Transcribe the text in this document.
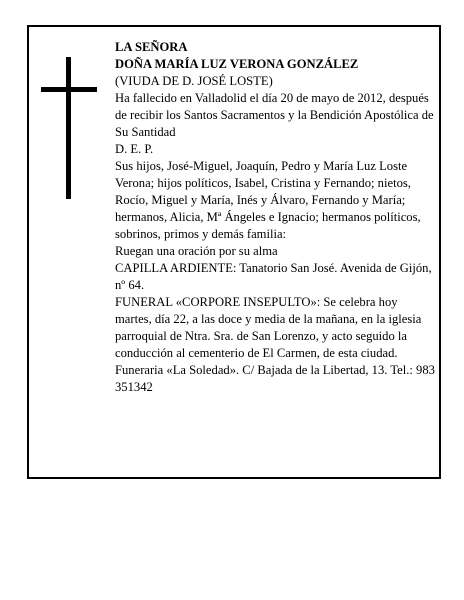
LA SEÑORA

DOÑA MARÍA LUZ VERONA GONZÁLEZ

(VIUDA DE D. JOSÉ LOSTE)

Ha fallecido en Valladolid el día 20 de mayo de 2012, después de recibir los Santos Sacramentos y la Bendición Apostólica de Su Santidad

D. E. P.

Sus hijos, José-Miguel, Joaquín, Pedro y María Luz Loste Verona; hijos políticos, Isabel, Cristina y Fernando; nietos, Rocío, Miguel y María, Inés y Álvaro, Fernando y María; hermanos, Alicia, Mª Ángeles e Ignacio; hermanos políticos, sobrinos, primos y demás familia:

Ruegan una oración por su alma

CAPILLA ARDIENTE: Tanatorio San José. Avenida de Gijón, nº 64.

FUNERAL «CORPORE INSEPULTO»: Se celebra hoy martes, día 22, a las doce y media de la mañana, en la iglesia parroquial de Ntra. Sra. de San Lorenzo, y acto seguido la conducción al cementerio de El Carmen, de esta ciudad.

Funeraria «La Soledad». C/ Bajada de la Libertad, 13. Tel.: 983 351342
